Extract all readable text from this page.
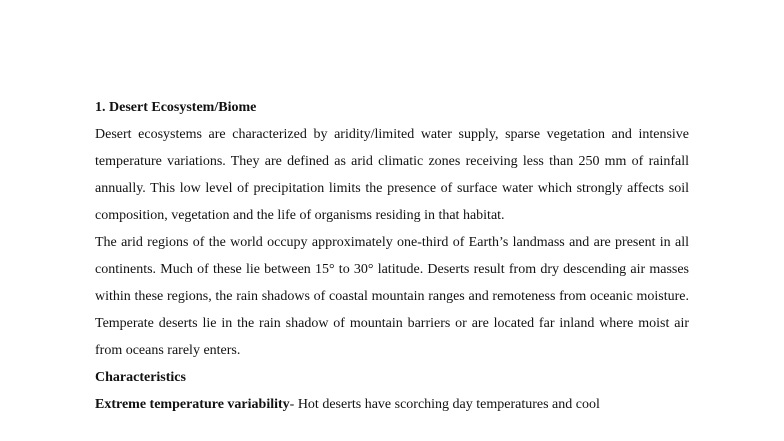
1. Desert Ecosystem/Biome

Desert ecosystems are characterized by aridity/limited water supply, sparse vegetation and intensive temperature variations. They are defined as arid climatic zones receiving less than 250 mm of rainfall annually. This low level of precipitation limits the presence of surface water which strongly affects soil composition, vegetation and the life of organisms residing in that habitat.

The arid regions of the world occupy approximately one-third of Earth’s landmass and are present in all continents. Much of these lie between 15° to 30° latitude. Deserts result from dry descending air masses within these regions, the rain shadows of coastal mountain ranges and remoteness from oceanic moisture. Temperate deserts lie in the rain shadow of mountain barriers or are located far inland where moist air from oceans rarely enters.

Characteristics

Extreme temperature variability- Hot deserts have scorching day temperatures and cool
